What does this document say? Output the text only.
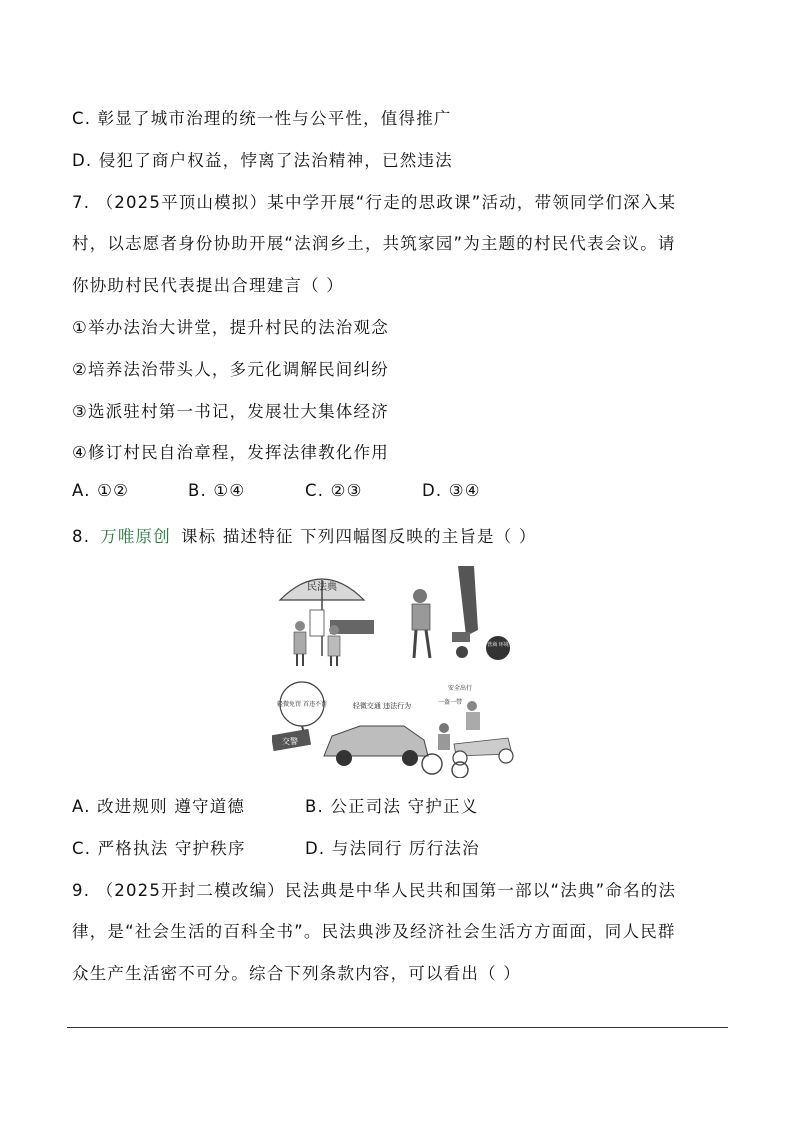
C. 彰显了城市治理的统一性与公平性，值得推广
D. 侵犯了商户权益，悖离了法治精神，已然违法
7. （2025平顶山模拟）某中学开展“行走的思政课”活动，带领同学们深入某
村，以志愿者身份协助开展“法润乡土，共筑家园”为主题的村民代表会议。请
你协助村民代表提出合理建言（ ）
①举办法治大讲堂，提升村民的法治观念
②培养法治带头人，多元化调解民间纠纷
③选派驻村第一书记，发展壮大集体经济
④修订村民自治章程，发挥法律教化作用
A. ①②	B. ①④	C. ②③	D. ③④
8. 万唯原创 课标 描述特征 下列四幅图反映的主旨是（ ）
民法典
营商 环境
轻微免罚 首违不罚
交警
轻微交通 违法行为
安全出行
一盔一带
A. 改进规则 遵守道德	B. 公正司法 守护正义
C. 严格执法 守护秩序	D. 与法同行 厉行法治
9. （2025开封二模改编）民法典是中华人民共和国第一部以“法典”命名的法
律，是“社会生活的百科全书”。民法典涉及经济社会生活方方面面，同人民群
众生产生活密不可分。综合下列条款内容，可以看出（ ）
